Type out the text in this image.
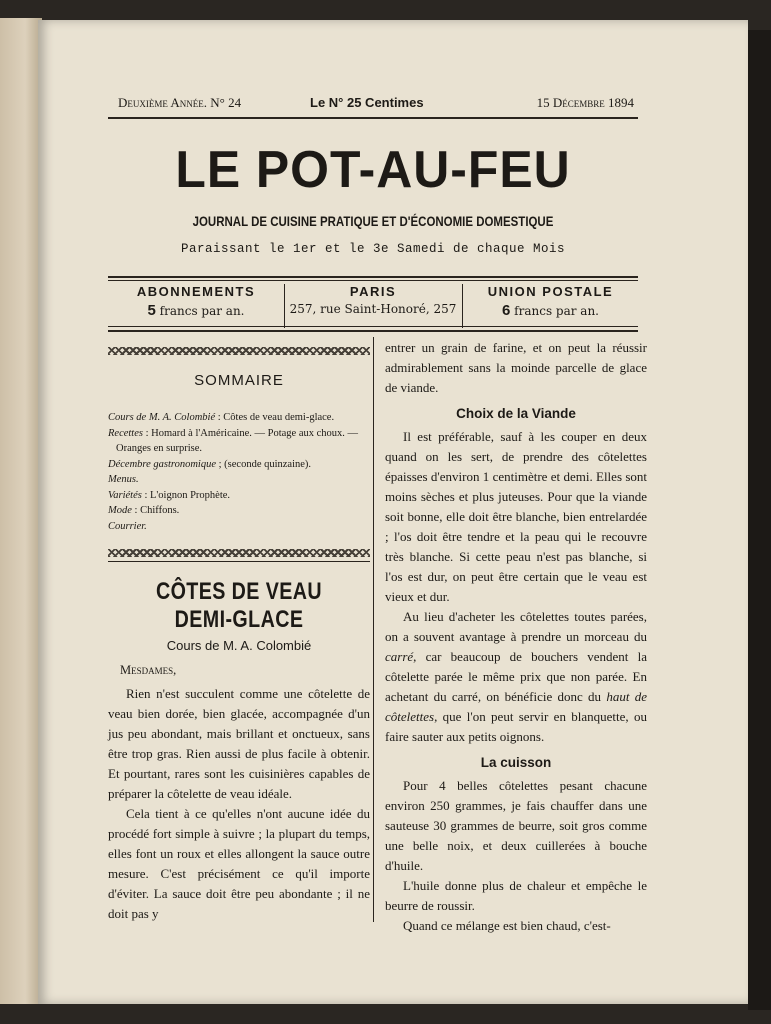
Deuxième Année. N° 24	Le N° 25 Centimes	15 Décembre 1894
LE POT-AU-FEU
JOURNAL DE CUISINE PRATIQUE ET D'ÉCONOMIE DOMESTIQUE
Paraissant le 1er et le 3e Samedi de chaque Mois
ABONNEMENTS
5 francs par an.
PARIS
257, rue Saint-Honoré, 257
UNION POSTALE
6 francs par an.
SOMMAIRE
Cours de M. A. Colombié : Côtes de veau demi-glace.
Recettes : Homard à l'Américaine. — Potage aux choux. — Oranges en surprise.
Décembre gastronomique ; (seconde quinzaine).
Menus.
Variétés : L'oignon Prophète.
Mode : Chiffons.
Courrier.
CÔTES DE VEAU DEMI-GLACE
Cours de M. A. Colombié
Mesdames,

Rien n'est succulent comme une côtelette de veau bien dorée, bien glacée, accompagnée d'un jus peu abondant, mais brillant et onctueux, sans être trop gras. Rien aussi de plus facile à obtenir. Et pourtant, rares sont les cuisinières capables de préparer la côtelette de veau idéale.

Cela tient à ce qu'elles n'ont aucune idée du procédé fort simple à suivre ; la plupart du temps, elles font un roux et elles allongent la sauce outre mesure. C'est précisément ce qu'il importe d'éviter. La sauce doit être peu abondante ; il ne doit pas y

entrer un grain de farine, et on peut la réussir admirablement sans la moinde parcelle de glace de viande.

Choix de la Viande

Il est préférable, sauf à les couper en deux quand on les sert, de prendre des côtelettes épaisses d'environ 1 centimètre et demi. Elles sont moins sèches et plus juteuses. Pour que la viande soit bonne, elle doit être blanche, bien entrelardée ; l'os doit être tendre et la peau qui le recouvre très blanche. Si cette peau n'est pas blanche, si l'os est dur, on peut être certain que le veau est vieux et dur.

Au lieu d'acheter les côtelettes toutes parées, on a souvent avantage à prendre un morceau du carré, car beaucoup de bouchers vendent la côtelette parée le même prix que non parée. En achetant du carré, on bénéficie donc du haut de côtelettes, que l'on peut servir en blanquette, ou faire sauter aux petits oignons.

La cuisson

Pour 4 belles côtelettes pesant chacune environ 250 grammes, je fais chauffer dans une sauteuse 30 grammes de beurre, soit gros comme une belle noix, et deux cuillerées à bouche d'huile.

L'huile donne plus de chaleur et empêche le beurre de roussir.

Quand ce mélange est bien chaud, c'est-
